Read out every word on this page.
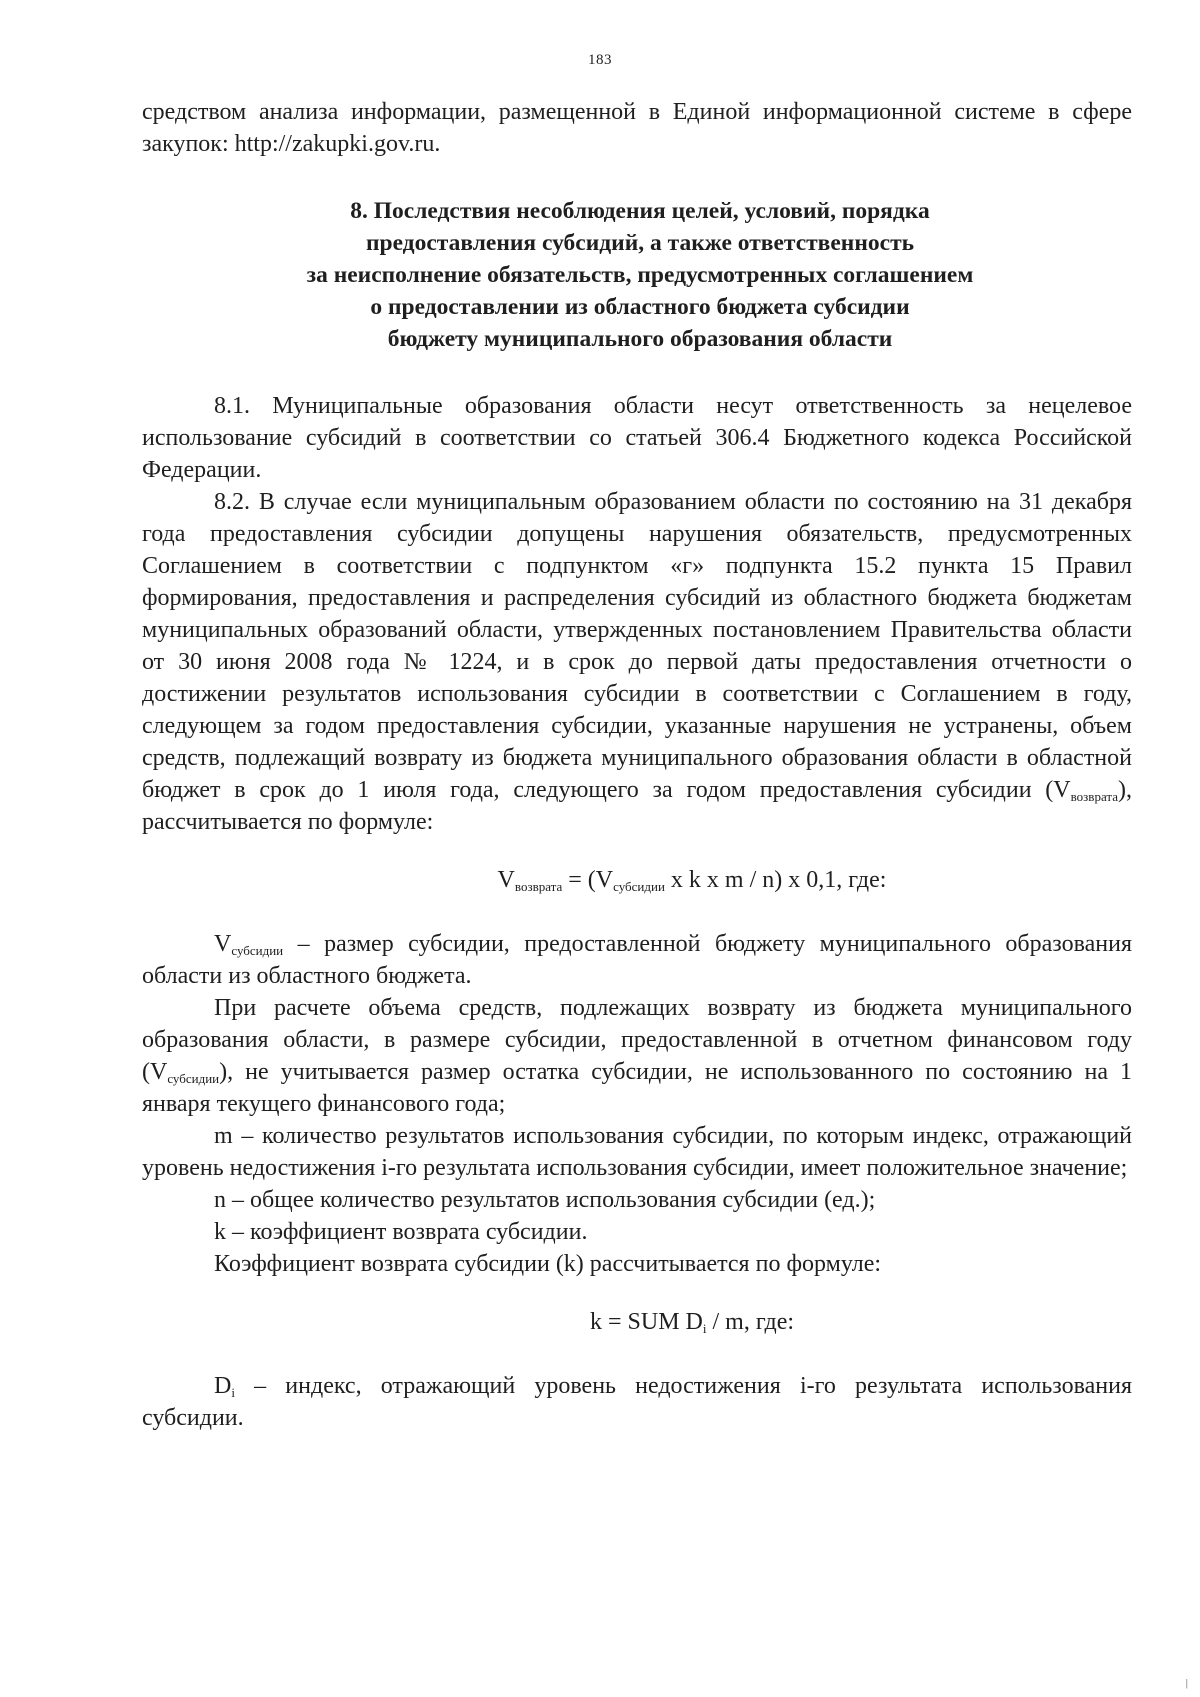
183
средством анализа информации, размещенной в Единой информационной системе в сфере закупок: http://zakupki.gov.ru.
8. Последствия несоблюдения целей, условий, порядка
предоставления субсидий, а также ответственность
за неисполнение обязательств, предусмотренных соглашением
о предоставлении из областного бюджета субсидии
бюджету муниципального образования области

8.1. Муниципальные образования области несут ответственность за нецелевое использование субсидий в соответствии со статьей 306.4 Бюджетного кодекса Российской Федерации.

8.2. В случае если муниципальным образованием области по состоянию на 31 декабря года предоставления субсидии допущены нарушения обязательств, предусмотренных Соглашением в соответствии с подпунктом «г» подпункта 15.2 пункта 15 Правил формирования, предоставления и распределения субсидий из областного бюджета бюджетам муниципальных образований области, утвержденных постановлением Правительства области от 30 июня 2008 года № 1224, и в срок до первой даты предоставления отчетности о достижении результатов использования субсидии в соответствии с Соглашением в году, следующем за годом предоставления субсидии, указанные нарушения не устранены, объем средств, подлежащий возврату из бюджета муниципального образования области в областной бюджет в срок до 1 июля года, следующего за годом предоставления субсидии $(V_{возврата})$, рассчитывается по формуле:

$V_{возврата} = (V_{субсидии}$ x k x m / n) x 0,1, где:

$V_{субсидии}$ – размер субсидии, предоставленной бюджету муниципального образования области из областного бюджета.

При расчете объема средств, подлежащих возврату из бюджета муниципального образования области, в размере субсидии, предоставленной в отчетном финансовом году $(V_{субсидии})$, не учитывается размер остатка субсидии, не использованного по состоянию на 1 января текущего финансового года;

m – количество результатов использования субсидии, по которым индекс, отражающий уровень недостижения i-го результата использования субсидии, имеет положительное значение;

n – общее количество результатов использования субсидии (ед.);

k – коэффициент возврата субсидии.

Коэффициент возврата субсидии (k) рассчитывается по формуле:

k = SUM $D_i$ / m, где:

$D_i$ – индекс, отражающий уровень недостижения i-го результата использования субсидии.

|
